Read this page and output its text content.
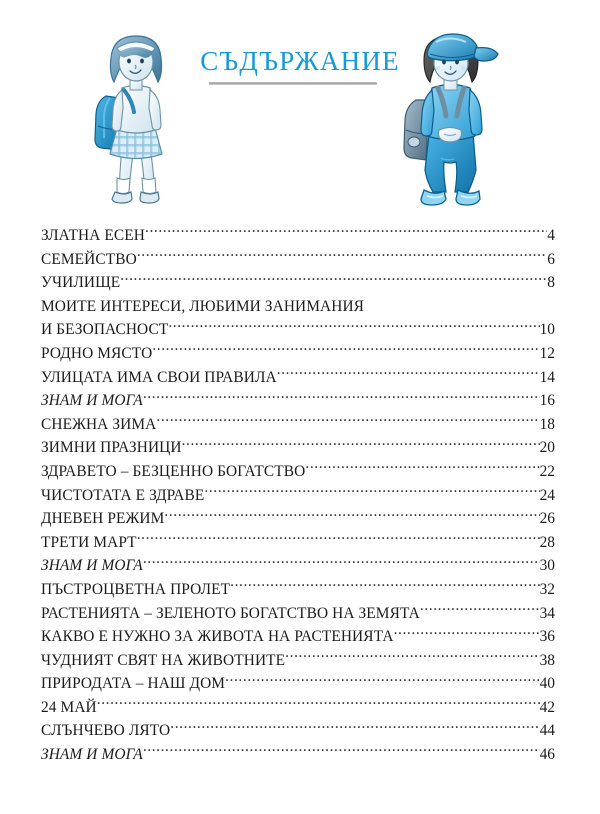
СЪДЪРЖАНИЕ
ЗЛАТНА ЕСЕН .....	4
СЕМЕЙСТВО .....	6
УЧИЛИЩЕ .....	8
МОИТЕ ИНТЕРЕСИ, ЛЮБИМИ ЗАНИМАНИЯ
И БЕЗОПАСНОСТ .....	10
РОДНО МЯСТО .....	12
УЛИЦАТА ИМА СВОИ ПРАВИЛА .....	14
ЗНАМ И МОГА .....	16
СНЕЖНА ЗИМА .....	18
ЗИМНИ ПРАЗНИЦИ .....	20
ЗДРАВЕТО – БЕЗЦЕННО БОГАТСТВО .....	22
ЧИСТОТАТА Е ЗДРАВЕ .....	24
ДНЕВЕН РЕЖИМ .....	26
ТРЕТИ МАРТ .....	28
ЗНАМ И МОГА .....	30
ПЪСТРОЦВЕТНА ПРОЛЕТ .....	32
РАСТЕНИЯТА – ЗЕЛЕНОТО БОГАТСТВО НА ЗЕМЯТА .....	34
КАКВО Е НУЖНО ЗА ЖИВОТА НА РАСТЕНИЯТА .....	36
ЧУДНИЯТ СВЯТ НА ЖИВОТНИТЕ .....	38
ПРИРОДАТА – НАШ ДОМ .....	40
24 МАЙ .....	42
СЛЪНЧЕВО ЛЯТО .....	44
ЗНАМ И МОГА .....	46
